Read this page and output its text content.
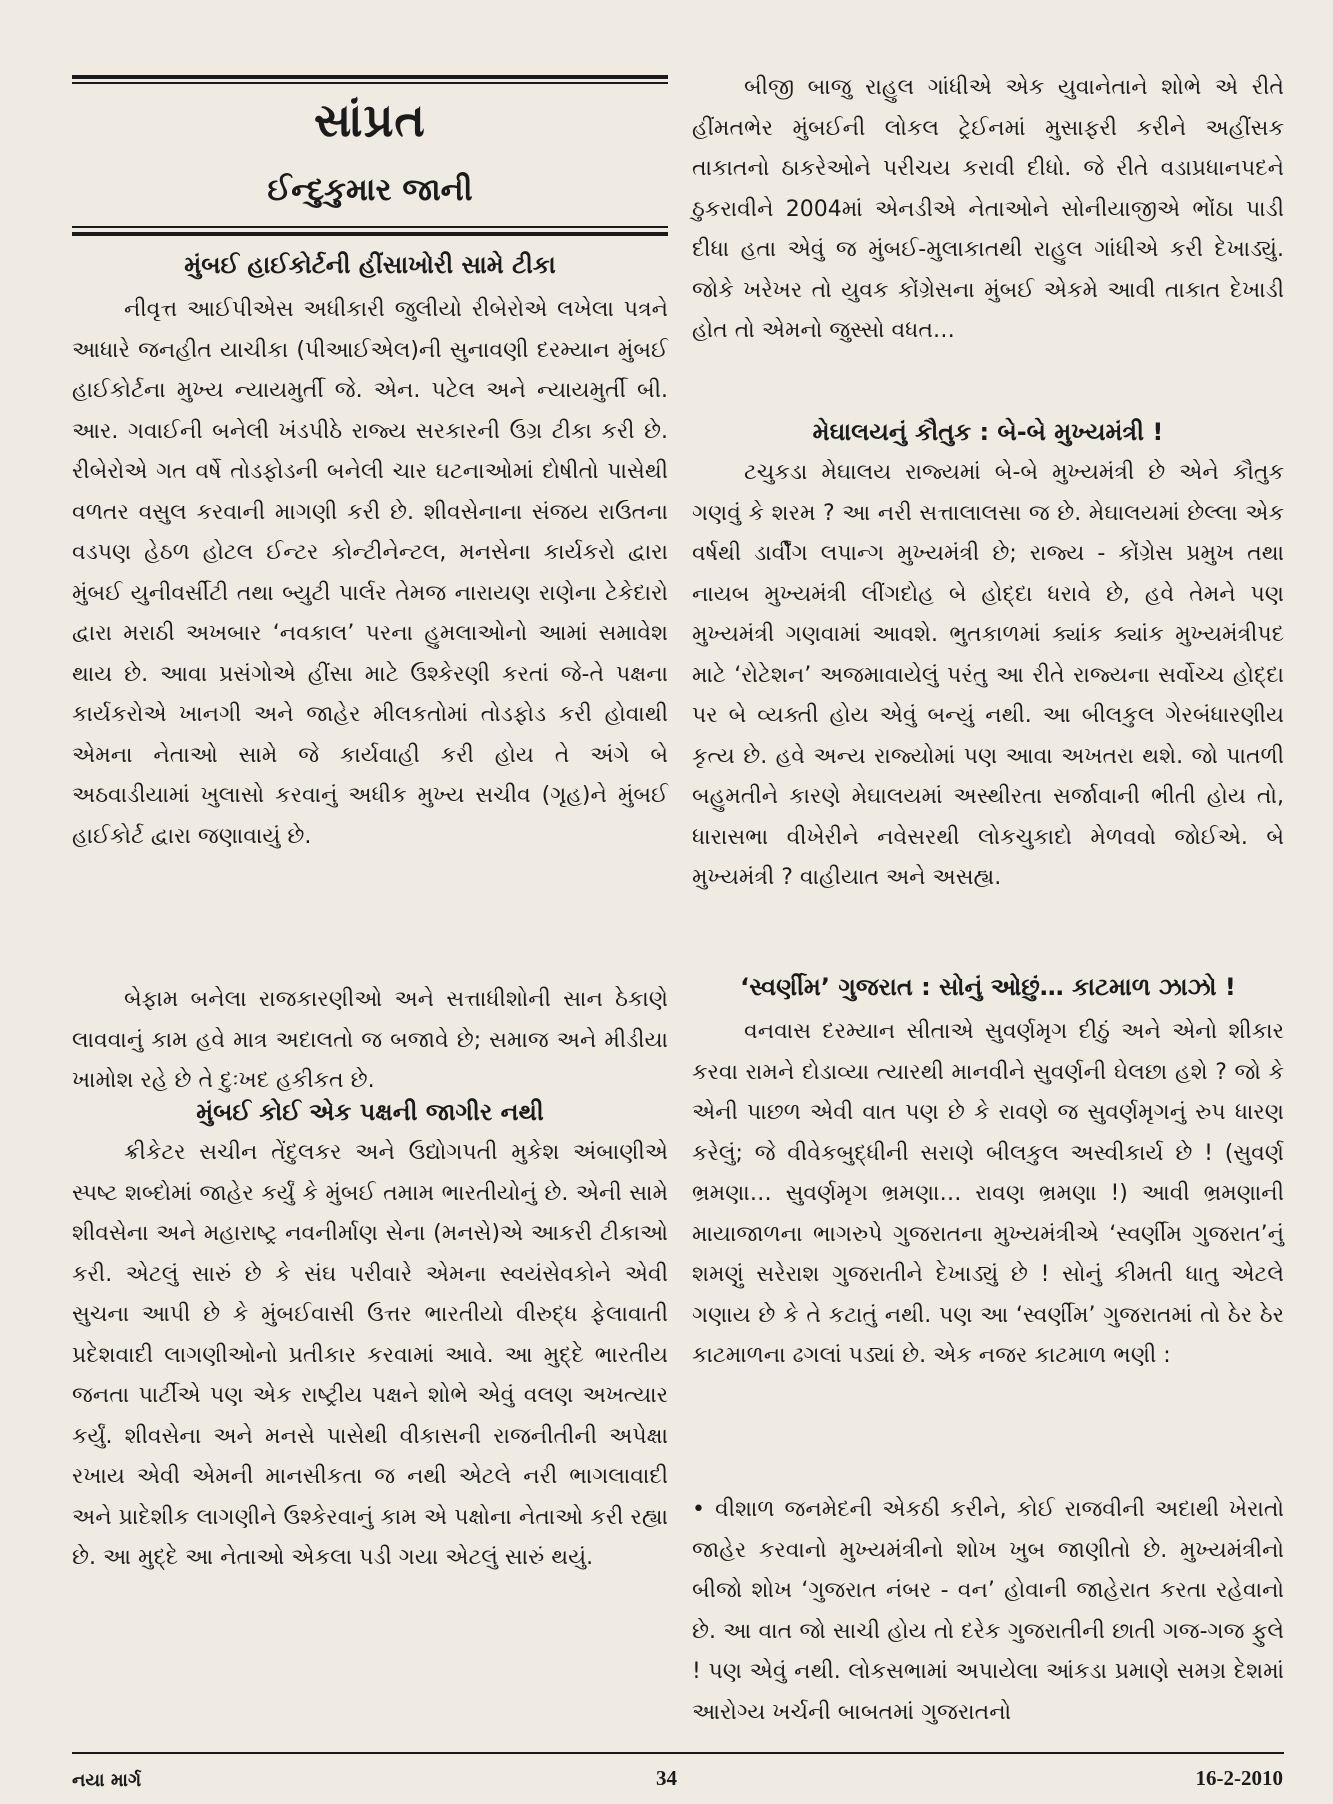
સાંપ્રત
ઈન્દુકુમાર જાની
મુંબઈ હાઈકોર્ટની હીંસાખોરી સામે ટીકા

નીવૃત્ત આઈપીએસ અધીકારી જુલીયો રીબેરોએ લખેલા પત્રને આધારે જનહીત યાચીકા (પીઆઈએલ)ની સુનાવણી દરમ્યાન મુંબઈ હાઈકોર્ટના મુખ્ય ન્યાયમુર્તી જે. એન. પટેલ અને ન્યાયમુર્તી બી. આર. ગવાઈની બનેલી ખંડપીઠે રાજ્ય સરકારની ઉગ્ર ટીકા કરી છે. રીબેરોએ ગત વર્ષે તોડફોડની બનેલી ચાર ઘટનાઓમાં દોષીતો પાસેથી વળતર વસુલ કરવાની માગણી કરી છે. શીવસેનાના સંજય રાઉતના વડપણ હેઠળ હોટલ ઈન્ટર કોન્ટીનેન્ટલ, મનસેના કાર્યકરો દ્વારા મુંબઈ યુનીવર્સીટી તથા બ્યુટી પાર્લર તેમજ નારાયણ રાણેના ટેકેદારો દ્વારા મરાઠી અખબાર ‘નવકાલ’ પરના હુમલાઓનો આમાં સમાવેશ થાય છે. આવા પ્રસંગોએ હીંસા માટે ઉશ્કેરણી કરતાં જે-તે પક્ષના કાર્યકરોએ ખાનગી અને જાહેર મીલકતોમાં તોડફોડ કરી હોવાથી એમના નેતાઓ સામે જે કાર્યવાહી કરી હોય તે અંગે બે અઠવાડીયામાં ખુલાસો કરવાનું અધીક મુખ્ય સચીવ (ગૃહ)ને મુંબઈ હાઈકોર્ટ દ્વારા જણાવાયું છે.

બેફામ બનેલા રાજકારણીઓ અને સત્તાધીશોની સાન ઠેકાણે લાવવાનું કામ હવે માત્ર અદાલતો જ બજાવે છે; સમાજ અને મીડીયા ખામોશ રહે છે તે દુઃખદ હકીકત છે.

મુંબઈ કોઈ એક પક્ષની જાગીર નથી

ક્રીકેટર સચીન તેંદુલકર અને ઉદ્યોગપતી મુકેશ અંબાણીએ સ્પષ્ટ શબ્દોમાં જાહેર કર્યું કે મુંબઈ તમામ ભારતીયોનું છે. એની સામે શીવસેના અને મહારાષ્ટ્ર નવનીર્માણ સેના (મનસે)એ આકરી ટીકાઓ કરી. એટલું સારું છે કે સંઘ પરીવારે એમના સ્વયંસેવકોને એવી સુચના આપી છે કે મુંબઈવાસી ઉત્તર ભારતીયો વીરુદ્ધ ફેલાવાતી પ્રદેશવાદી લાગણીઓનો પ્રતીકાર કરવામાં આવે. આ મુદ્દે ભારતીય જનતા પાર્ટીએ પણ એક રાષ્ટ્રીય પક્ષને શોભે એવું વલણ અખત્યાર કર્યું. શીવસેના અને મનસે પાસેથી વીકાસની રાજનીતીની અપેક્ષા રખાય એવી એમની માનસીકતા જ નથી એટલે નરી ભાગલાવાદી અને પ્રાદેશીક લાગણીને ઉશ્કેરવાનું કામ એ પક્ષોના નેતાઓ કરી રહ્યા છે. આ મુદ્દે આ નેતાઓ એકલા પડી ગયા એટલું સારું થયું.

બીજી બાજુ રાહુલ ગાંધીએ એક યુવાનેતાને શોભે એ રીતે હીંમતભેર મુંબઈની લોકલ ટ્રેઈનમાં મુસાફરી કરીને અહીંસક તાકાતનો ઠાકરેઓને પરીચય કરાવી દીધો. જે રીતે વડાપ્રધાનપદને ઠુકરાવીને 2004માં એનડીએ નેતાઓને સોનીયાજીએ ભોંઠા પાડી દીધા હતા એવું જ મુંબઈ-મુલાકાતથી રાહુલ ગાંધીએ કરી દેખાડ્યું. જોકે ખરેખર તો યુવક કોંગ્રેસના મુંબઈ એકમે આવી તાકાત દેખાડી હોત તો એમનો જુસ્સો વધત…

મેઘાલયનું કૌતુક : બે-બે મુખ્યમંત્રી !

ટચુકડા મેઘાલય રાજ્યમાં બે-બે મુખ્યમંત્રી છે એને કૌતુક ગણવું કે શરમ ? આ નરી સત્તાલાલસા જ છે. મેઘાલયમાં છેલ્લા એક વર્ષથી ડાર્વીંગ લપાન્ગ મુખ્યમંત્રી છે; રાજ્ય - કોંગ્રેસ પ્રમુખ તથા નાયબ મુખ્યમંત્રી લીંગદોહ બે હોદ્દા ધરાવે છે, હવે તેમને પણ મુખ્યમંત્રી ગણવામાં આવશે. ભુતકાળમાં ક્યાંક ક્યાંક મુખ્યમંત્રીપદ માટે ‘રોટેશન’ અજમાવાયેલું પરંતુ આ રીતે રાજ્યના સર્વોચ્ચ હોદ્દા પર બે વ્યક્તી હોય એવું બન્યું નથી. આ બીલકુલ ગેરબંધારણીય કૃત્ય છે. હવે અન્ય રાજ્યોમાં પણ આવા અખતરા થશે. જો પાતળી બહુમતીને કારણે મેઘાલયમાં અસ્થીરતા સર્જાવાની ભીતી હોય તો, ધારાસભા વીખેરીને નવેસરથી લોકચુકાદો મેળવવો જોઈએ. બે મુખ્યમંત્રી ? વાહીયાત અને અસહ્ય.

‘સ્વર્ણીમ’ ગુજરાત : સોનું ઓછું… કાટમાળ ઝાઝો !

વનવાસ દરમ્યાન સીતાએ સુવર્ણમૃગ દીઠું અને એનો શીકાર કરવા રામને દોડાવ્યા ત્યારથી માનવીને સુવર્ણની ઘેલછા હશે ? જો કે એની પાછળ એવી વાત પણ છે કે રાવણે જ સુવર્ણમૃગનું રુપ ધારણ કરેલું; જે વીવેકબુદ્ધીની સરાણે બીલકુલ અસ્વીકાર્ય છે ! (સુવર્ણ ભ્રમણા… સુવર્ણમૃગ ભ્રમણા… રાવણ ભ્રમણા !) આવી ભ્રમણાની માયાજાળના ભાગરુપે ગુજરાતના મુખ્યમંત્રીએ ‘સ્વર્ણીમ ગુજરાત’નું શમણું સરેરાશ ગુજરાતીને દેખાડ્યું છે ! સોનું કીમતી ધાતુ એટલે ગણાય છે કે તે કટાતું નથી. પણ આ ‘સ્વર્ણીમ’ ગુજરાતમાં તો ઠેર ઠેર કાટમાળના ઢગલાં પડ્યાં છે. એક નજર કાટમાળ ભણી :

• વીશાળ જનમેદની એકઠી કરીને, કોઈ રાજવીની અદાથી ખેરાતો જાહેર કરવાનો મુખ્યમંત્રીનો શોખ ખુબ જાણીતો છે. મુખ્યમંત્રીનો બીજો શોખ ‘ગુજરાત નંબર - વન’ હોવાની જાહેરાત કરતા રહેવાનો છે. આ વાત જો સાચી હોય તો દરેક ગુજરાતીની છાતી ગજ-ગજ ફુલે ! પણ એવું નથી. લોકસભામાં અપાયેલા આંકડા પ્રમાણે સમગ્ર દેશમાં આરોગ્ય ખર્ચની બાબતમાં ગુજરાતનો

નયા માર્ગ	34	16-2-2010
